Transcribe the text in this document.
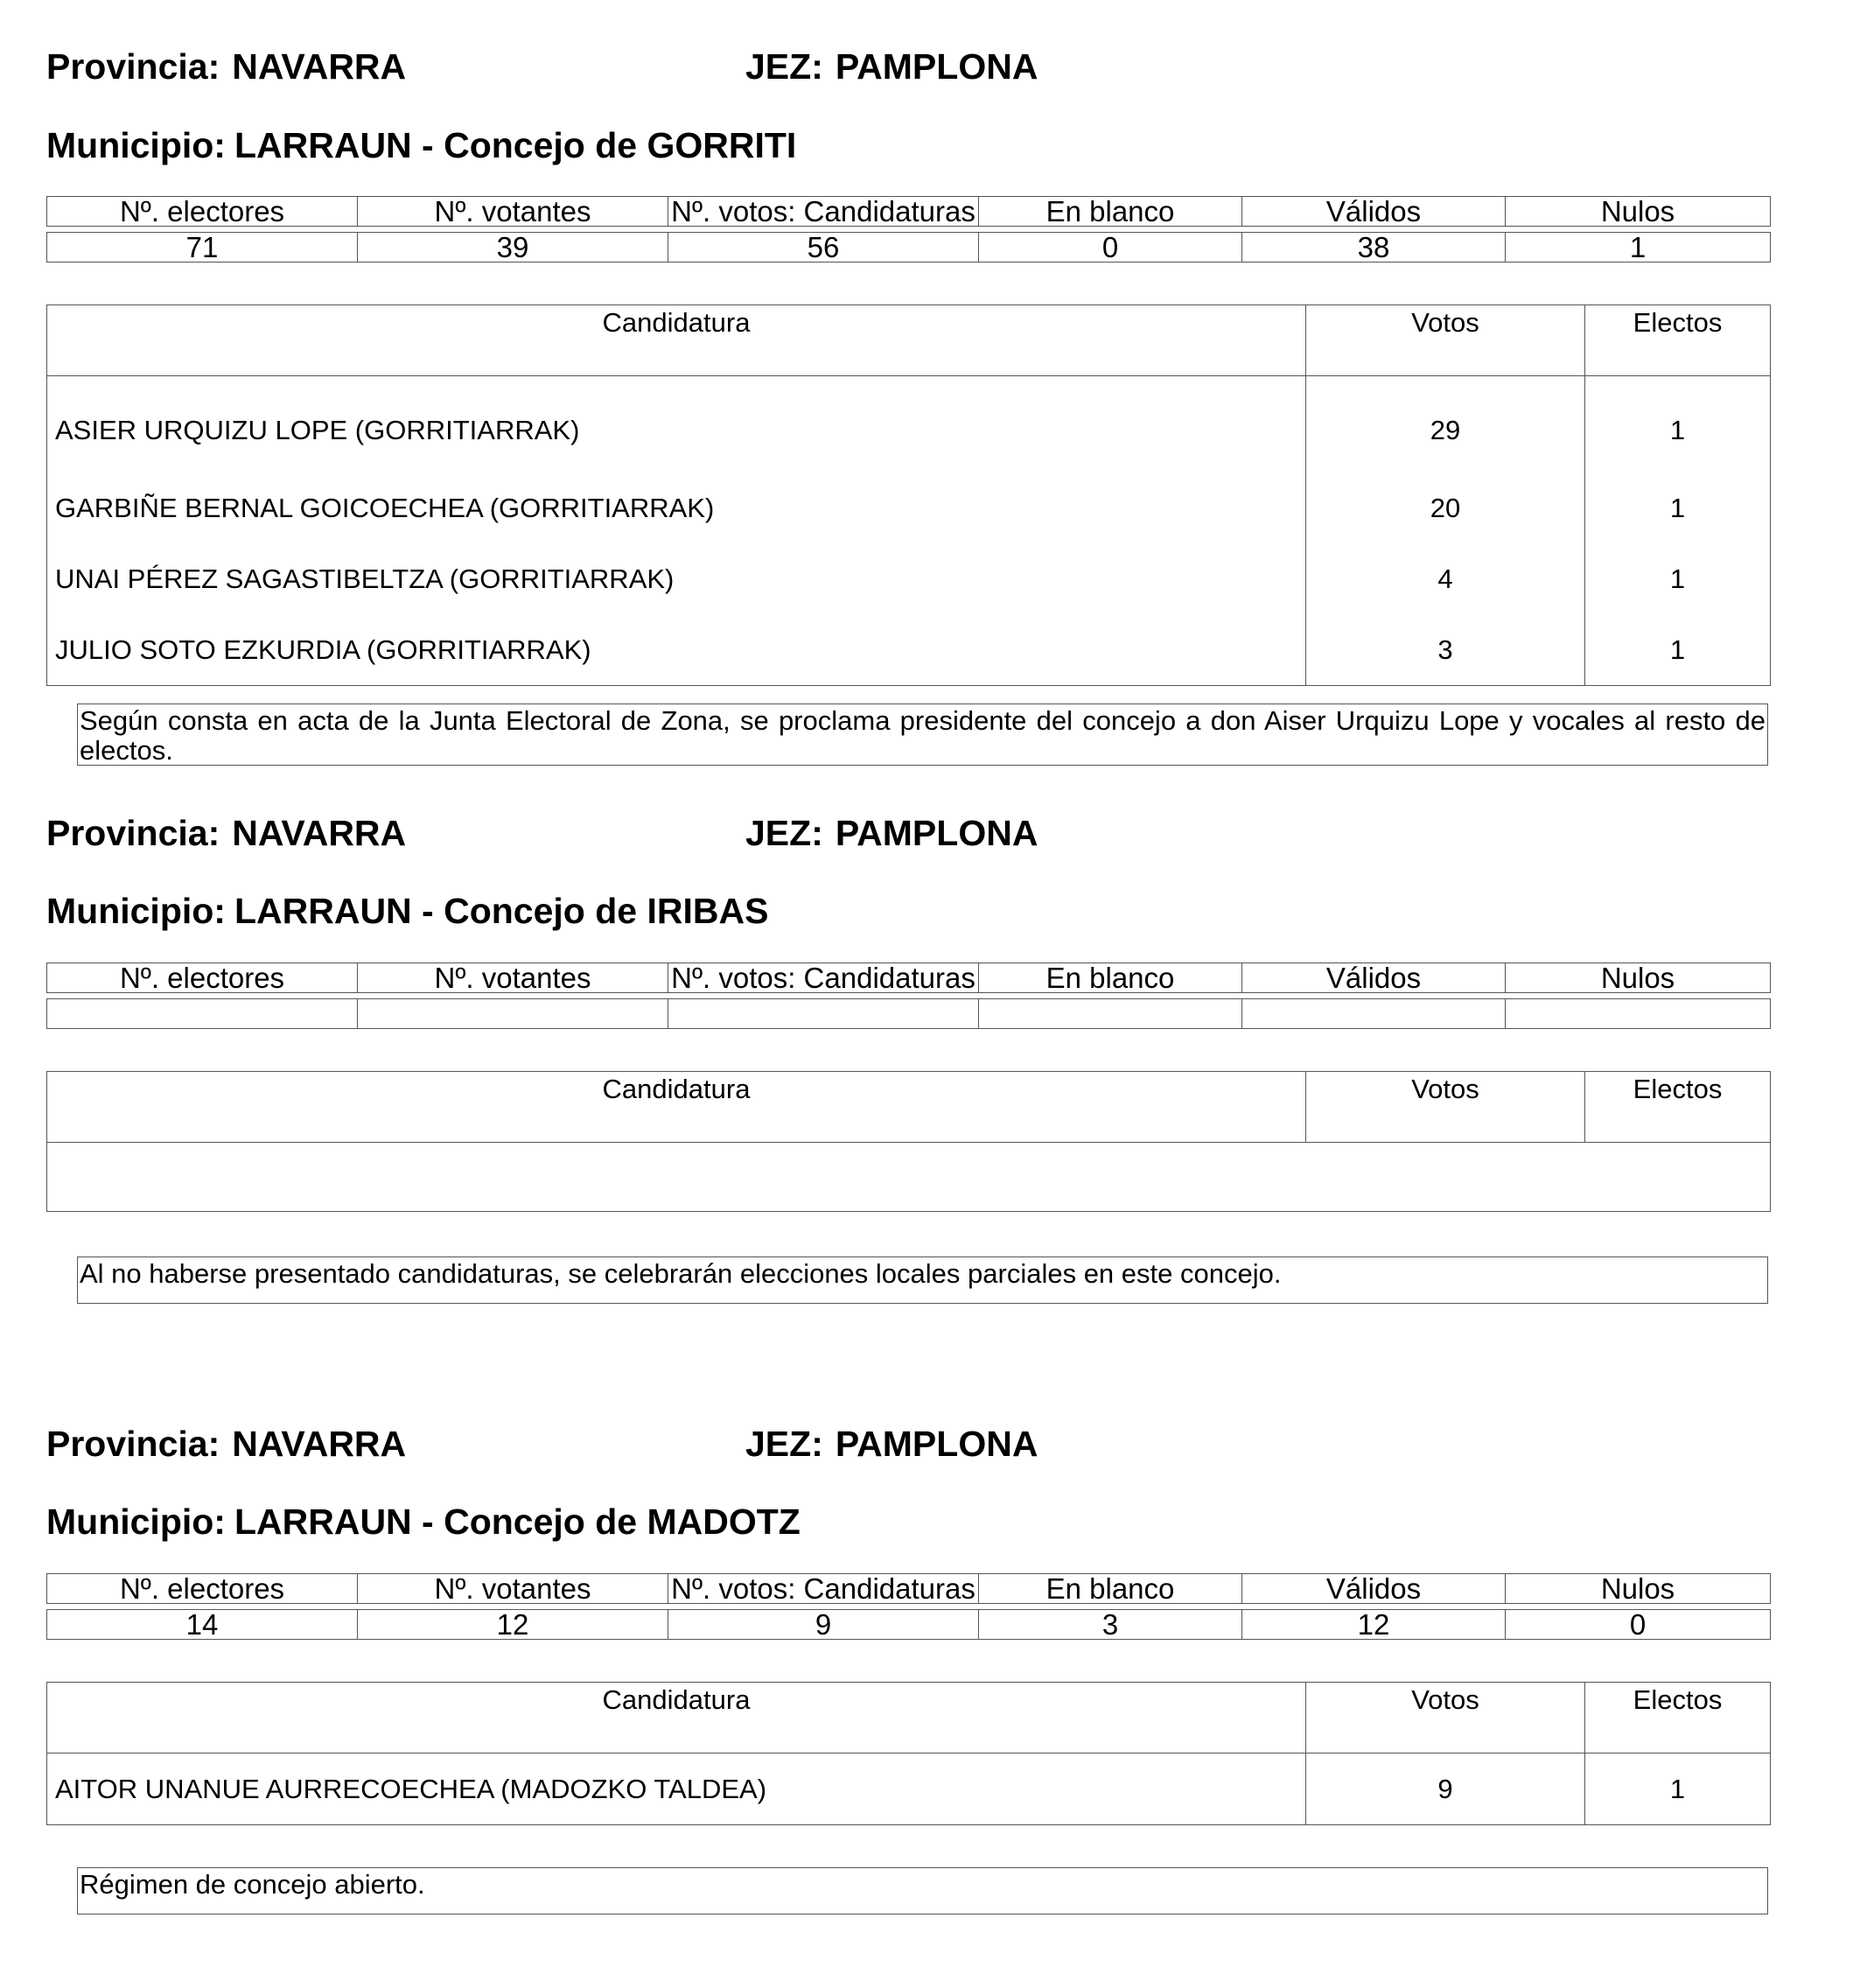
Provincia: NAVARRA	JEZ: PAMPLONA
Municipio: LARRAUN - Concejo de GORRITI
Nº. electores	Nº. votantes	Nº. votos: Candidaturas	En blanco	Válidos	Nulos

71	39	56	0	38	1
Candidatura	Votos	Electos
ASIER URQUIZU LOPE (GORRITIARRAK)	29	1
GARBIÑE BERNAL GOICOECHEA (GORRITIARRAK)	20	1
UNAI PÉREZ SAGASTIBELTZA (GORRITIARRAK)	4	1
JULIO SOTO EZKURDIA (GORRITIARRAK)	3	1
Según consta en acta de la Junta Electoral de Zona, se proclama presidente del concejo a don Aiser Urquizu Lope y vocales al resto de electos.
Provincia: NAVARRA	JEZ: PAMPLONA
Municipio: LARRAUN - Concejo de IRIBAS
Nº. electores	Nº. votantes	Nº. votos: Candidaturas	En blanco	Válidos	Nulos

Candidatura	Votos	Electos

Al no haberse presentado candidaturas, se celebrarán elecciones locales parciales en este concejo.
Provincia: NAVARRA	JEZ: PAMPLONA
Municipio: LARRAUN - Concejo de MADOTZ
Nº. electores	Nº. votantes	Nº. votos: Candidaturas	En blanco	Válidos	Nulos

14	12	9	3	12	0
Candidatura	Votos	Electos
AITOR UNANUE AURRECOECHEA (MADOZKO TALDEA)	9	1
Régimen de concejo abierto.
